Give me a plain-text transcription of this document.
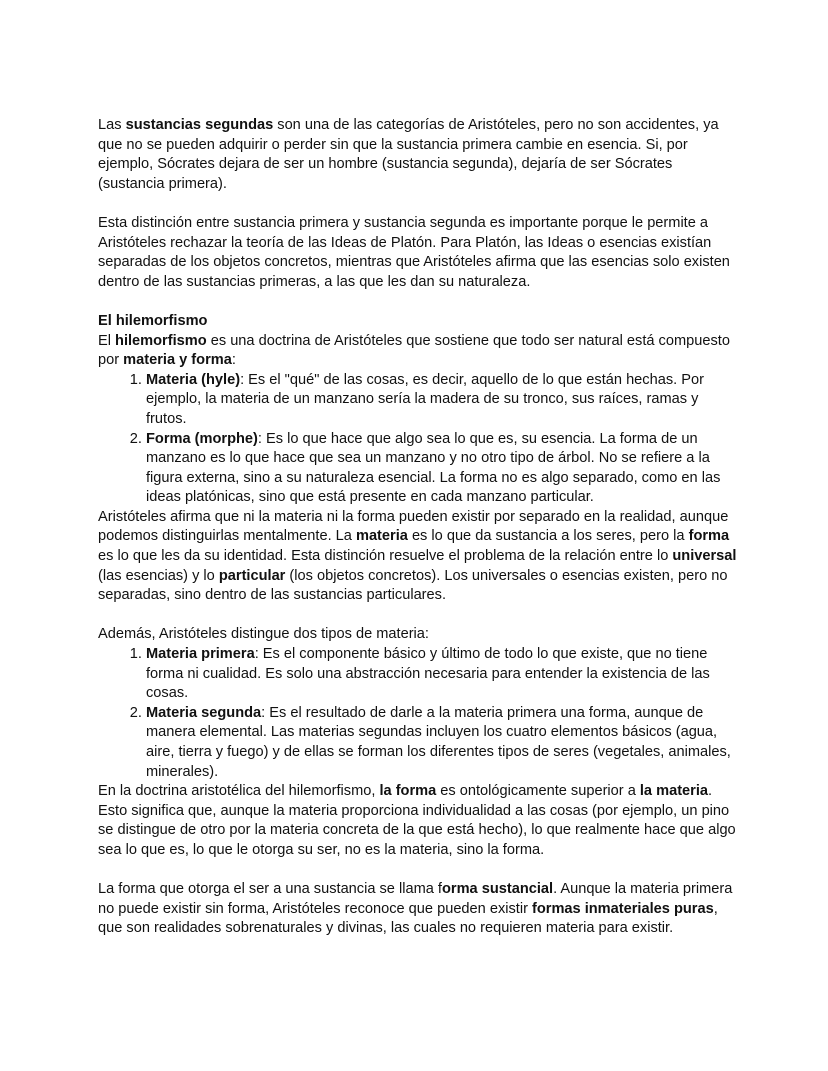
Las sustancias segundas son una de las categorías de Aristóteles, pero no son accidentes, ya que no se pueden adquirir o perder sin que la sustancia primera cambie en esencia. Si, por ejemplo, Sócrates dejara de ser un hombre (sustancia segunda), dejaría de ser Sócrates (sustancia primera).

Esta distinción entre sustancia primera y sustancia segunda es importante porque le permite a Aristóteles rechazar la teoría de las Ideas de Platón. Para Platón, las Ideas o esencias existían separadas de los objetos concretos, mientras que Aristóteles afirma que las esencias solo existen dentro de las sustancias primeras, a las que les dan su naturaleza.

El hilemorfismo

El hilemorfismo es una doctrina de Aristóteles que sostiene que todo ser natural está compuesto por materia y forma:

1. Materia (hyle): Es el "qué" de las cosas, es decir, aquello de lo que están hechas. Por ejemplo, la materia de un manzano sería la madera de su tronco, sus raíces, ramas y frutos.
2. Forma (morphe): Es lo que hace que algo sea lo que es, su esencia. La forma de un manzano es lo que hace que sea un manzano y no otro tipo de árbol. No se refiere a la figura externa, sino a su naturaleza esencial. La forma no es algo separado, como en las ideas platónicas, sino que está presente en cada manzano particular.

Aristóteles afirma que ni la materia ni la forma pueden existir por separado en la realidad, aunque podemos distinguirlas mentalmente. La materia es lo que da sustancia a los seres, pero la forma es lo que les da su identidad. Esta distinción resuelve el problema de la relación entre lo universal (las esencias) y lo particular (los objetos concretos). Los universales o esencias existen, pero no separadas, sino dentro de las sustancias particulares.

Además, Aristóteles distingue dos tipos de materia:

1. Materia primera: Es el componente básico y último de todo lo que existe, que no tiene forma ni cualidad. Es solo una abstracción necesaria para entender la existencia de las cosas.
2. Materia segunda: Es el resultado de darle a la materia primera una forma, aunque de manera elemental. Las materias segundas incluyen los cuatro elementos básicos (agua, aire, tierra y fuego) y de ellas se forman los diferentes tipos de seres (vegetales, animales, minerales).

En la doctrina aristotélica del hilemorfismo, la forma es ontológicamente superior a la materia. Esto significa que, aunque la materia proporciona individualidad a las cosas (por ejemplo, un pino se distingue de otro por la materia concreta de la que está hecho), lo que realmente hace que algo sea lo que es, lo que le otorga su ser, no es la materia, sino la forma.

La forma que otorga el ser a una sustancia se llama forma sustancial. Aunque la materia primera no puede existir sin forma, Aristóteles reconoce que pueden existir formas inmateriales puras, que son realidades sobrenaturales y divinas, las cuales no requieren materia para existir.
